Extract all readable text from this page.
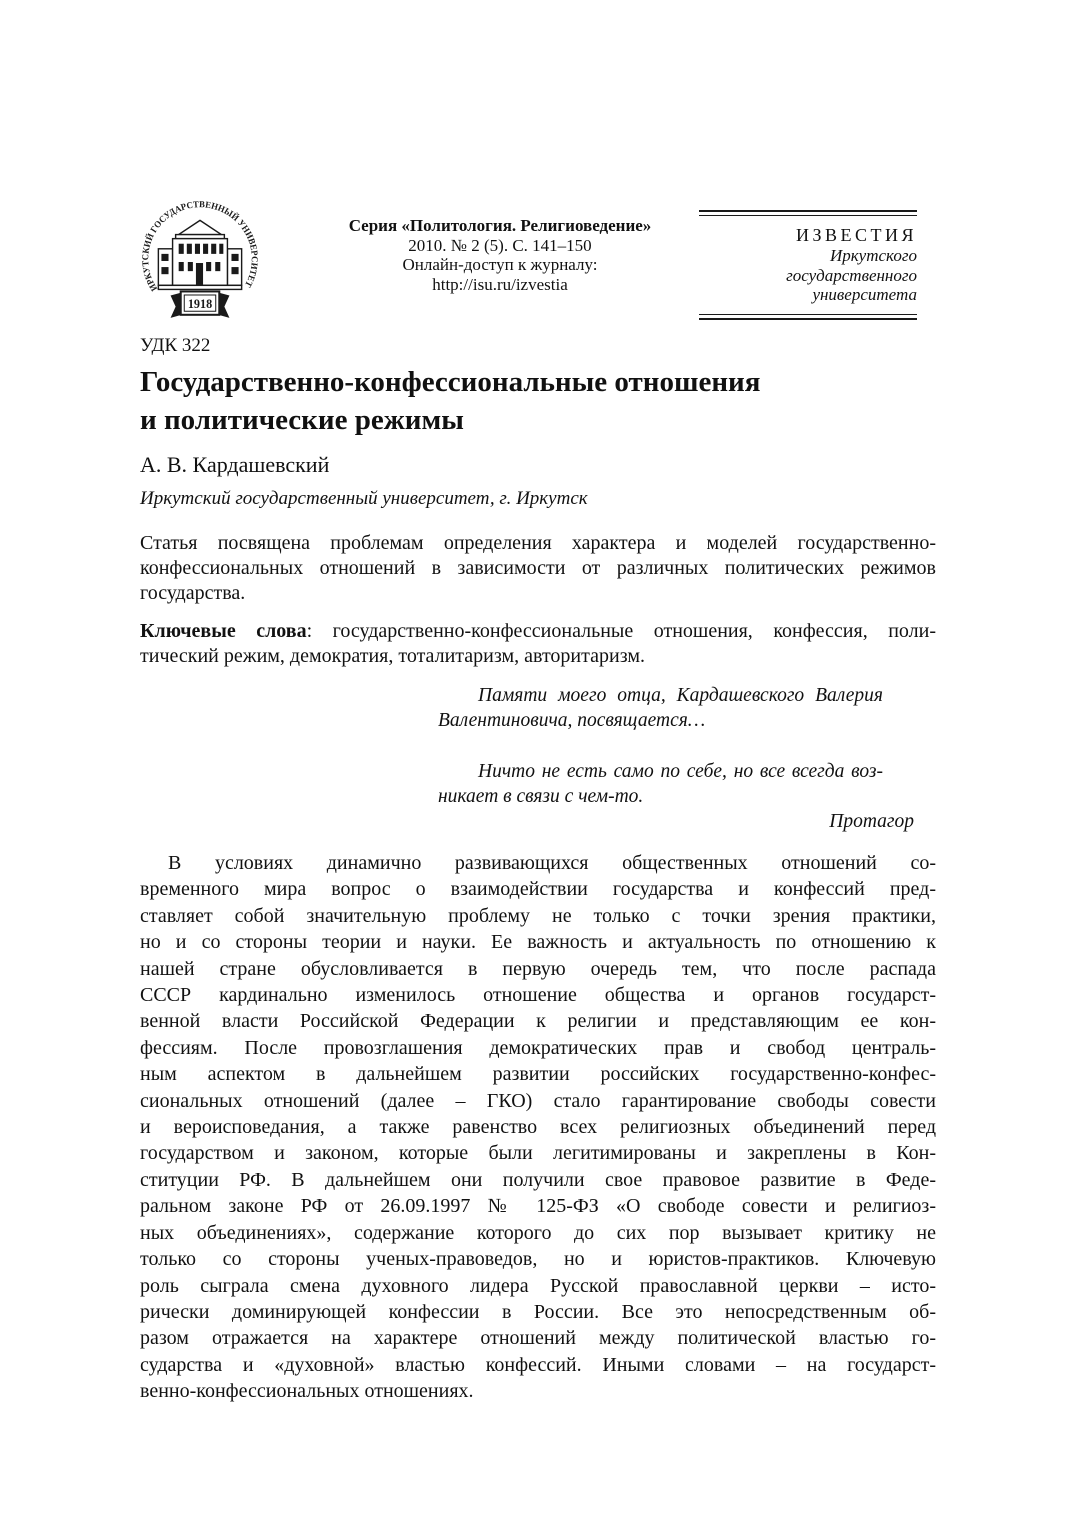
ИРКУТСКИЙ ГОСУДАРСТВЕННЫЙ УНИВЕРСИТЕТ
1918
Серия «Политология. Религиоведение»
2010. № 2 (5). С. 141–150
Онлайн-доступ к журналу:
http://isu.ru/izvestia
ИЗВЕСТИЯ
Иркутского
государственного
университета
УДК 322
Государственно-конфессиональные отношения
и политические режимы
А. В. Кардашевский
Иркутский государственный университет, г. Иркутск
Статья посвящена проблемам определения характера и моделей государственно-
конфессиональных отношений в зависимости от различных политических режимов
государства.
Ключевые слова: государственно-конфессиональные отношения, конфессия, поли-
тический режим, демократия, тоталитаризм, авторитаризм.
Памяти моего отца, Кардашевского Валерия
Валентиновича, посвящается…
Ничто не есть само по себе, но все всегда воз-
никает в связи с чем-то.
Протагор
В условиях динамично развивающихся общественных отношений со-
временного мира вопрос о взаимодействии государства и конфессий пред-
ставляет собой значительную проблему не только с точки зрения практики,
но и со стороны теории и науки. Ее важность и актуальность по отношению к
нашей стране обусловливается в первую очередь тем, что после распада
СССР кардинально изменилось отношение общества и органов государст-
венной власти Российской Федерации к религии и представляющим ее кон-
фессиям. После провозглашения демократических прав и свобод централь-
ным аспектом в дальнейшем развитии российских государственно-конфес-
сиональных отношений (далее – ГКО) стало гарантирование свободы совести
и вероисповедания, а также равенство всех религиозных объединений перед
государством и законом, которые были легитимированы и закреплены в Кон-
ституции РФ. В дальнейшем они получили свое правовое развитие в Феде-
ральном законе РФ от 26.09.1997 № 125-ФЗ «О свободе совести и религиоз-
ных объединениях», содержание которого до сих пор вызывает критику не
только со стороны ученых-правоведов, но и юристов-практиков. Ключевую
роль сыграла смена духовного лидера Русской православной церкви – исто-
рически доминирующей конфессии в России. Все это непосредственным об-
разом отражается на характере отношений между политической властью го-
сударства и «духовной» властью конфессий. Иными словами – на государст-
венно-конфессиональных отношениях.
